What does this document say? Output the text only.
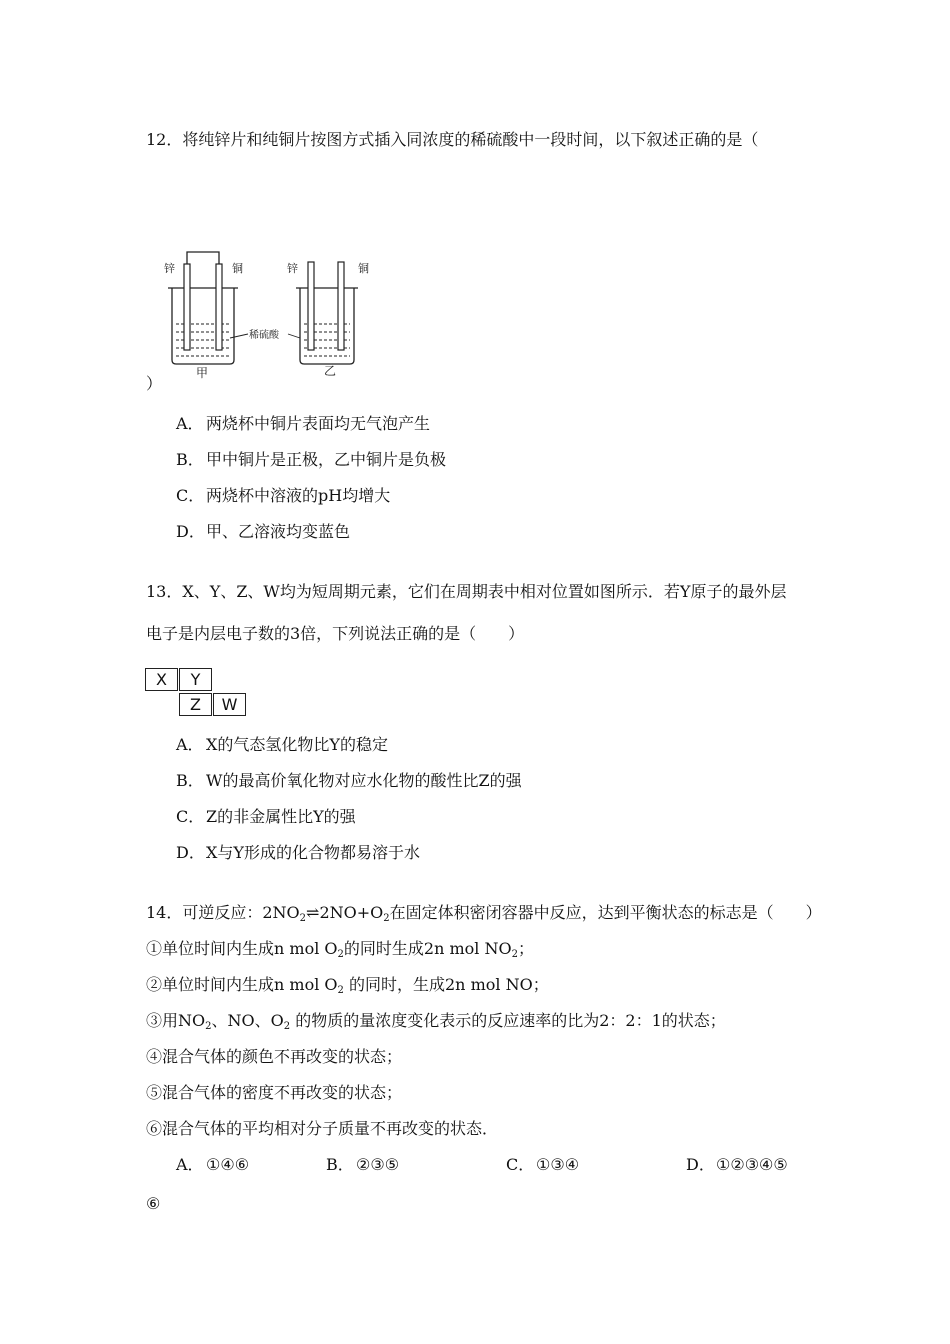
12．将纯锌片和纯铜片按图方式插入同浓度的稀硫酸中一段时间，以下叙述正确的是（
锌	铜	锌	铜
稀硫酸
甲	乙
）
A． 两烧杯中铜片表面均无气泡产生
B． 甲中铜片是正极，乙中铜片是负极
C． 两烧杯中溶液的pH均增大
D．甲、乙溶液均变蓝色
13．X、Y、Z、W均为短周期元素，它们在周期表中相对位置如图所示．若Y原子的最外层
电子是内层电子数的3倍，下列说法正确的是（　　）
X	Y
Z	W
A． X的气态氢化物比Y的稳定
B． W的最高价氧化物对应水化物的酸性比Z的强
C． Z的非金属性比Y的强
D．X与Y形成的化合物都易溶于水
14．可逆反应：$2NO_2\rightleftharpoons 2NO+O_2$在固定体积密闭容器中反应，达到平衡状态的标志是（　　）
①单位时间内生成n mol $O_2$的同时生成2n mol $NO_2$；
②单位时间内生成n mol $O_2$ 的同时，生成2n mol NO；
③用$NO_2$、NO、$O_2$ 的物质的量浓度变化表示的反应速率的比为2：2：1的状态；
④混合气体的颜色不再改变的状态；
⑤混合气体的密度不再改变的状态；
⑥混合气体的平均相对分子质量不再改变的状态．
A． ①④⑥	B． ②③⑤	C． ①③④	D．①②③④⑤
⑥
